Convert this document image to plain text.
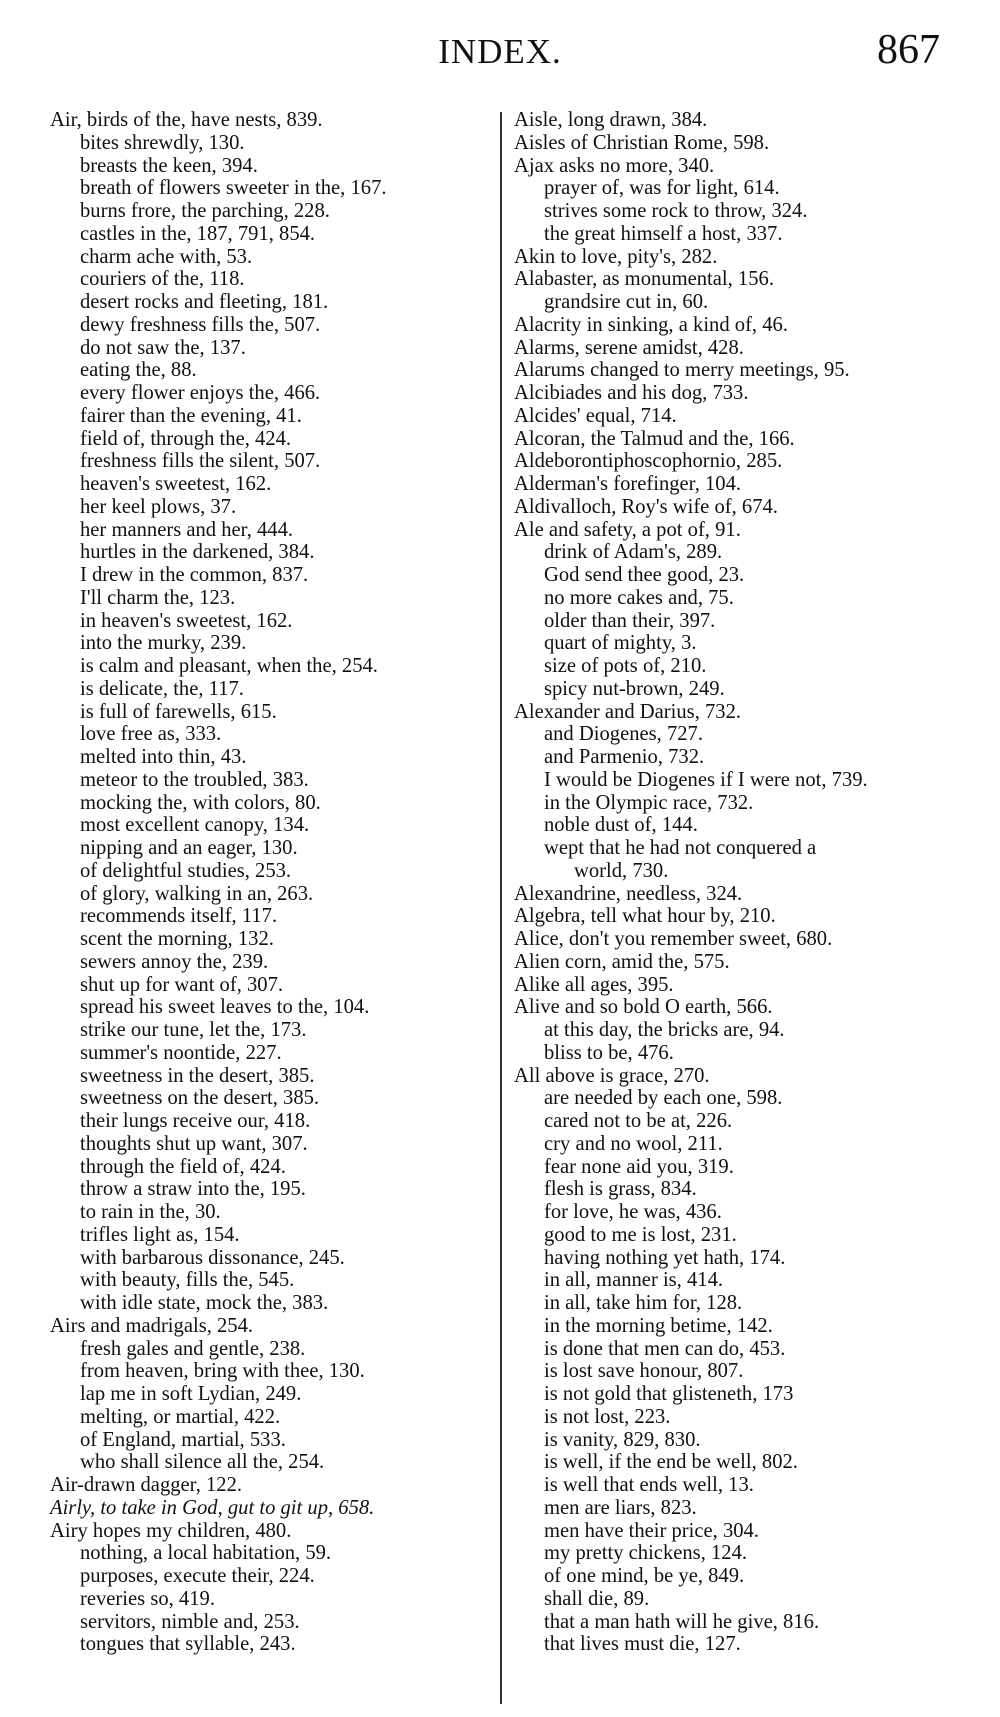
INDEX.	867
Air, birds of the, have nests, 839.
bites shrewdly, 130.
breasts the keen, 394.
breath of flowers sweeter in the, 167.
burns frore, the parching, 228.
castles in the, 187, 791, 854.
charm ache with, 53.
couriers of the, 118.
desert rocks and fleeting, 181.
dewy freshness fills the, 507.
do not saw the, 137.
eating the, 88.
every flower enjoys the, 466.
fairer than the evening, 41.
field of, through the, 424.
freshness fills the silent, 507.
heaven's sweetest, 162.
her keel plows, 37.
her manners and her, 444.
hurtles in the darkened, 384.
I drew in the common, 837.
I'll charm the, 123.
in heaven's sweetest, 162.
into the murky, 239.
is calm and pleasant, when the, 254.
is delicate, the, 117.
is full of farewells, 615.
love free as, 333.
melted into thin, 43.
meteor to the troubled, 383.
mocking the, with colors, 80.
most excellent canopy, 134.
nipping and an eager, 130.
of delightful studies, 253.
of glory, walking in an, 263.
recommends itself, 117.
scent the morning, 132.
sewers annoy the, 239.
shut up for want of, 307.
spread his sweet leaves to the, 104.
strike our tune, let the, 173.
summer's noontide, 227.
sweetness in the desert, 385.
sweetness on the desert, 385.
their lungs receive our, 418.
thoughts shut up want, 307.
through the field of, 424.
throw a straw into the, 195.
to rain in the, 30.
trifles light as, 154.
with barbarous dissonance, 245.
with beauty, fills the, 545.
with idle state, mock the, 383.
Airs and madrigals, 254.
fresh gales and gentle, 238.
from heaven, bring with thee, 130.
lap me in soft Lydian, 249.
melting, or martial, 422.
of England, martial, 533.
who shall silence all the, 254.
Air-drawn dagger, 122.
Airly, to take in God, gut to git up, 658.
Airy hopes my children, 480.
nothing, a local habitation, 59.
purposes, execute their, 224.
reveries so, 419.
servitors, nimble and, 253.
tongues that syllable, 243.
Aisle, long drawn, 384.
Aisles of Christian Rome, 598.
Ajax asks no more, 340.
prayer of, was for light, 614.
strives some rock to throw, 324.
the great himself a host, 337.
Akin to love, pity's, 282.
Alabaster, as monumental, 156.
grandsire cut in, 60.
Alacrity in sinking, a kind of, 46.
Alarms, serene amidst, 428.
Alarums changed to merry meetings, 95.
Alcibiades and his dog, 733.
Alcides' equal, 714.
Alcoran, the Talmud and the, 166.
Aldeborontiphoscophornio, 285.
Alderman's forefinger, 104.
Aldivalloch, Roy's wife of, 674.
Ale and safety, a pot of, 91.
drink of Adam's, 289.
God send thee good, 23.
no more cakes and, 75.
older than their, 397.
quart of mighty, 3.
size of pots of, 210.
spicy nut-brown, 249.
Alexander and Darius, 732.
and Diogenes, 727.
and Parmenio, 732.
I would be Diogenes if I were not, 739.
in the Olympic race, 732.
noble dust of, 144.
wept that he had not conquered a
world, 730.
Alexandrine, needless, 324.
Algebra, tell what hour by, 210.
Alice, don't you remember sweet, 680.
Alien corn, amid the, 575.
Alike all ages, 395.
Alive and so bold O earth, 566.
at this day, the bricks are, 94.
bliss to be, 476.
All above is grace, 270.
are needed by each one, 598.
cared not to be at, 226.
cry and no wool, 211.
fear none aid you, 319.
flesh is grass, 834.
for love, he was, 436.
good to me is lost, 231.
having nothing yet hath, 174.
in all, manner is, 414.
in all, take him for, 128.
in the morning betime, 142.
is done that men can do, 453.
is lost save honour, 807.
is not gold that glisteneth, 173
is not lost, 223.
is vanity, 829, 830.
is well, if the end be well, 802.
is well that ends well, 13.
men are liars, 823.
men have their price, 304.
my pretty chickens, 124.
of one mind, be ye, 849.
shall die, 89.
that a man hath will he give, 816.
that lives must die, 127.
